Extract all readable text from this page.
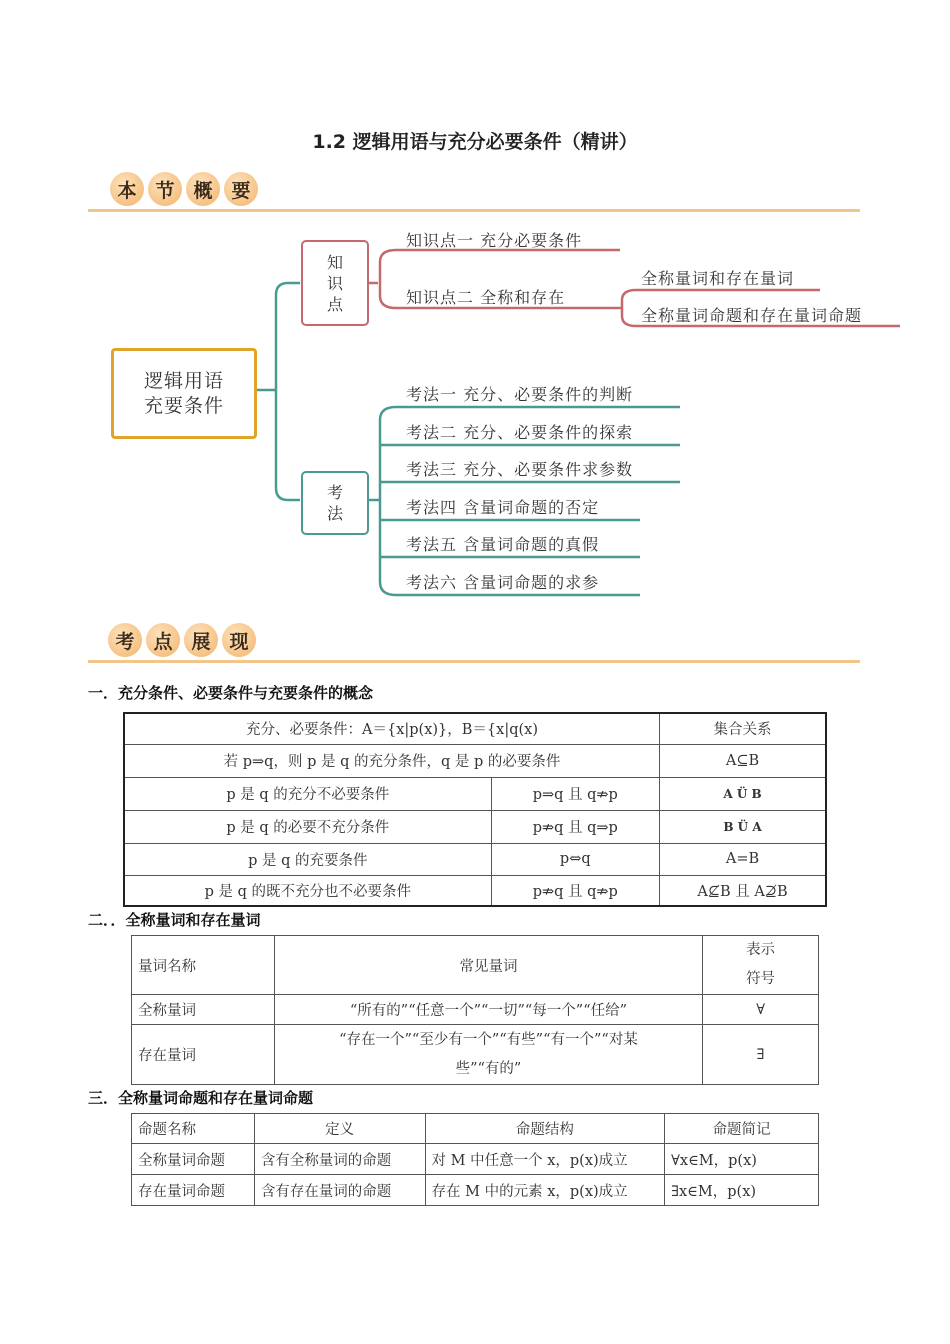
1.2 逻辑用语与充分必要条件（精讲）
本 节 概 要
逻辑用语
充要条件
知
识
点
考
法
知识点一 充分必要条件
知识点二 全称和存在
全称量词和存在量词
全称量词命题和存在量词命题
考法一 充分、必要条件的判断
考法二 充分、必要条件的探索
考法三 充分、必要条件求参数
考法四 含量词命题的否定
考法五 含量词命题的真假
考法六 含量词命题的求参
考 点 展 现
一．充分条件、必要条件与充要条件的概念
充分、必要条件：A＝{x|p(x)}，B＝{x|q(x)		集合关系
若 p⇒q，则 p 是 q 的充分条件，q 是 p 的必要条件		A⊆B
p 是 q 的充分不必要条件	p⇒q 且 q⇏p	A Ü B
p 是 q 的必要不充分条件	p⇏q 且 q⇒p	B Ü A
p 是 q 的充要条件	p⇔q	A=B
p 是 q 的既不充分也不必要条件	p⇏q 且 q⇏p	A⊈B 且 A⊉B
二．．全称量词和存在量词
量词名称	常见量词	表示
符号

全称量词	“所有的”“任意一个”“一切”“每一个”“任给”	∀
存在量词	“存在一个”“至少有一个”“有些”“有一个”“对某
些”“有的”	∃
三．全称量词命题和存在量词命题
命题名称	定义	命题结构	命题简记
全称量词命题	含有全称量词的命题	对 M 中任意一个 x，p(x)成立	∀x∈M，p(x)
存在量词命题	含有存在量词的命题	存在 M 中的元素 x，p(x)成立	∃x∈M，p(x)
